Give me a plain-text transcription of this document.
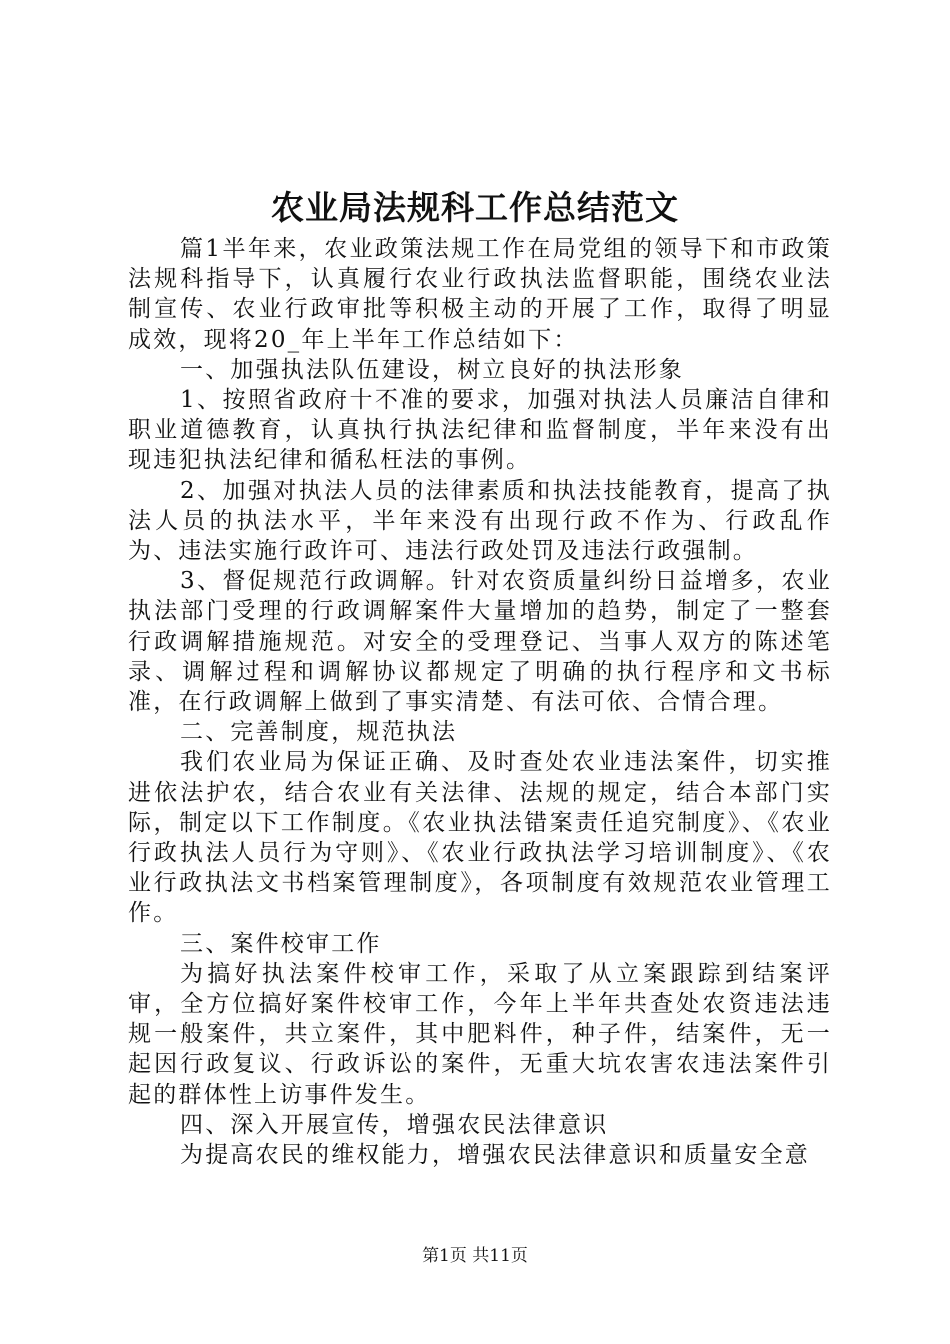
农业局法规科工作总结范文

篇1半年来，农业政策法规工作在局党组的领导下和市政策法规科指导下，认真履行农业行政执法监督职能，围绕农业法制宣传、农业行政审批等积极主动的开展了工作，取得了明显成效，现将20_年上半年工作总结如下：

一、加强执法队伍建设，树立良好的执法形象

1、按照省政府十不准的要求，加强对执法人员廉洁自律和职业道德教育，认真执行执法纪律和监督制度，半年来没有出现违犯执法纪律和循私枉法的事例。

2、加强对执法人员的法律素质和执法技能教育，提高了执法人员的执法水平，半年来没有出现行政不作为、行政乱作为、违法实施行政许可、违法行政处罚及违法行政强制。

3、督促规范行政调解。针对农资质量纠纷日益增多，农业执法部门受理的行政调解案件大量增加的趋势，制定了一整套行政调解措施规范。对安全的受理登记、当事人双方的陈述笔录、调解过程和调解协议都规定了明确的执行程序和文书标准，在行政调解上做到了事实清楚、有法可依、合情合理。

二、完善制度，规范执法

我们农业局为保证正确、及时查处农业违法案件，切实推进依法护农，结合农业有关法律、法规的规定，结合本部门实际，制定以下工作制度。《农业执法错案责任追究制度》、《农业行政执法人员行为守则》、《农业行政执法学习培训制度》、《农业行政执法文书档案管理制度》，各项制度有效规范农业管理工作。

三、案件校审工作

为搞好执法案件校审工作，采取了从立案跟踪到结案评审，全方位搞好案件校审工作，今年上半年共查处农资违法违规一般案件，共立案件，其中肥料件，种子件，结案件，无一起因行政复议、行政诉讼的案件，无重大坑农害农违法案件引起的群体性上访事件发生。

四、深入开展宣传，增强农民法律意识

为提高农民的维权能力，增强农民法律意识和质量安全意

第1页 共11页
